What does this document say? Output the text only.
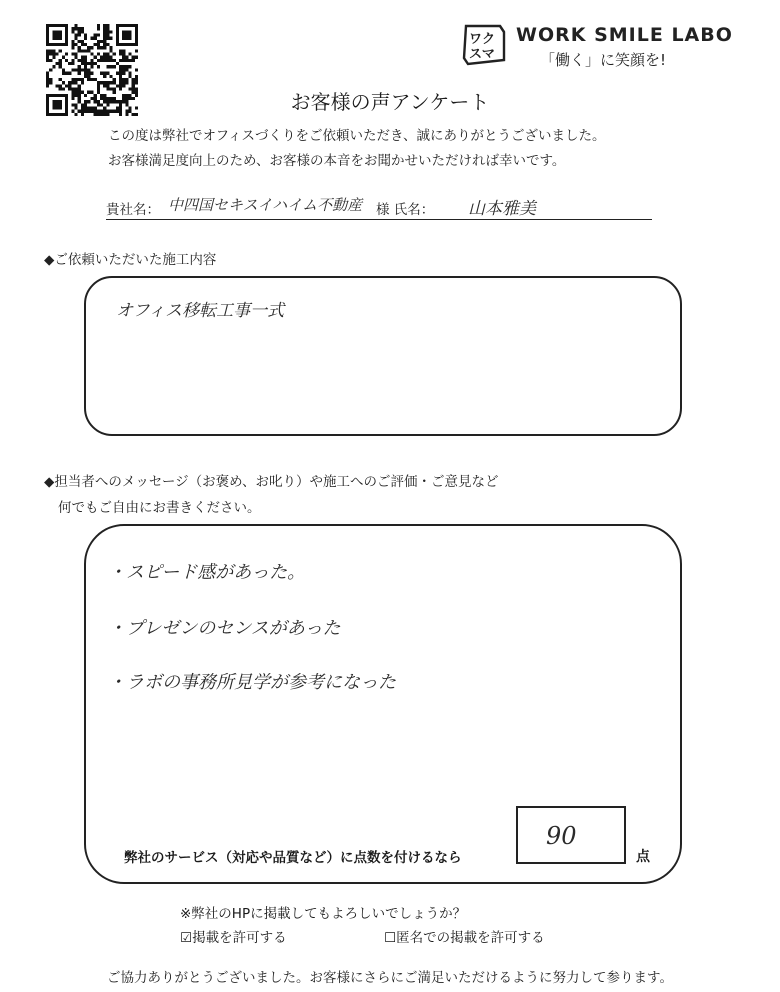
ワク
スマ
WORK SMILE LABO
「働く」に笑顔を!
お客様の声アンケート
この度は弊社でオフィスづくりをご依頼いただき、誠にありがとうございました。
お客様満足度向上のため、お客様の本音をお聞かせいただければ幸いです。
貴社名： 中四国セキスイハイム不動産 様 氏名： 山本雅美
◆ご依頼いただいた施工内容
オフィス移転工事一式
◆担当者へのメッセージ（お褒め、お叱り）や施工へのご評価・ご意見など
何でもご自由にお書きください。
・スピード感があった。
・プレゼンのセンスがあった
・ラボの事務所見学が参考になった
弊社のサービス（対応や品質など）に点数を付けるなら
90
点
※弊社のHPに掲載してもよろしいでしょうか？
☑掲載を許可する	☐匿名での掲載を許可する
ご協力ありがとうございました。お客様にさらにご満足いただけるように努力して参ります。
